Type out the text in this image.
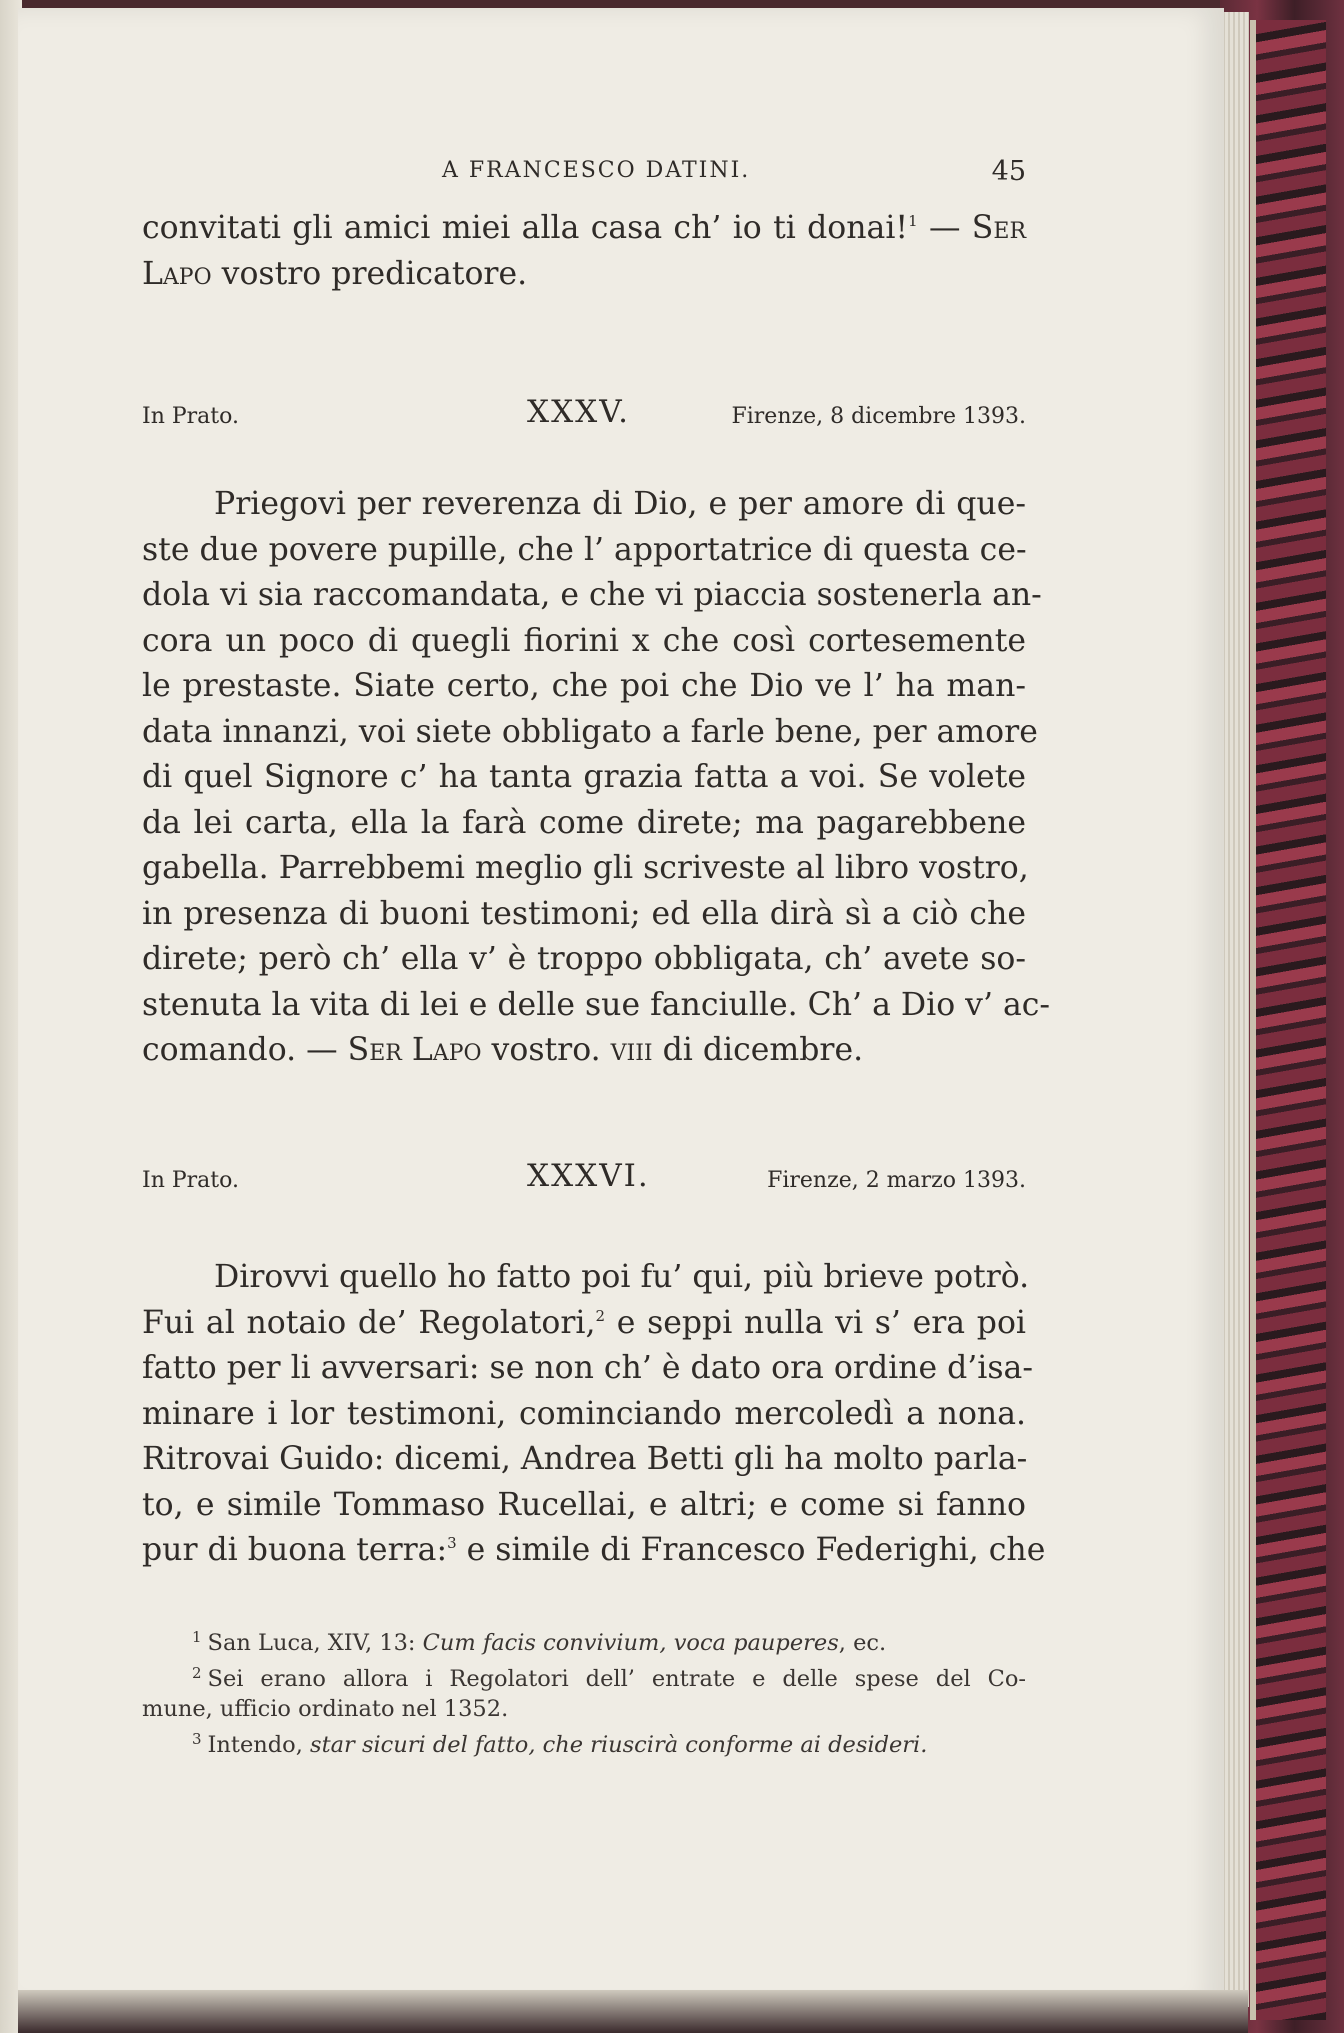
A FRANCESCO DATINI.	45
convitati gli amici miei alla casa ch’ io ti donai!$^1$ — Ser
Lapo vostro predicatore.
In Prato.	XXXV.	Firenze, 8 dicembre 1393.
Priegovi per reverenza di Dio, e per amore di que-
ste due povere pupille, che l’ apportatrice di questa ce-
dola vi sia raccomandata, e che vi piaccia sostenerla an-
cora un poco di quegli fiorini x che così cortesemente
le prestaste. Siate certo, che poi che Dio ve l’ ha man-
data innanzi, voi siete obbligato a farle bene, per amore
di quel Signore c’ ha tanta grazia fatta a voi. Se volete
da lei carta, ella la farà come direte; ma pagarebbene
gabella. Parrebbemi meglio gli scriveste al libro vostro,
in presenza di buoni testimoni; ed ella dirà sì a ciò che
direte; però ch’ ella v’ è troppo obbligata, ch’ avete so-
stenuta la vita di lei e delle sue fanciulle. Ch’ a Dio v’ ac-
comando. — Ser Lapo vostro. viii di dicembre.
In Prato.	XXXVI.	Firenze, 2 marzo 1393.
Dirovvi quello ho fatto poi fu’ qui, più brieve potrò.
Fui al notaio de’ Regolatori,$^2$ e seppi nulla vi s’ era poi
fatto per li avversari: se non ch’ è dato ora ordine d’isa-
minare i lor testimoni, cominciando mercoledì a nona.
Ritrovai Guido: dicemi, Andrea Betti gli ha molto parla-
to, e simile Tommaso Rucellai, e altri; e come si fanno
pur di buona terra:$^3$ e simile di Francesco Federighi, che
$^1$ San Luca, XIV, 13: Cum facis convivium, voca pauperes, ec.
$^2$ Sei erano allora i Regolatori dell’ entrate e delle spese del Co-
mune, ufficio ordinato nel 1352.
$^3$ Intendo, star sicuri del fatto, che riuscirà conforme ai desideri.
